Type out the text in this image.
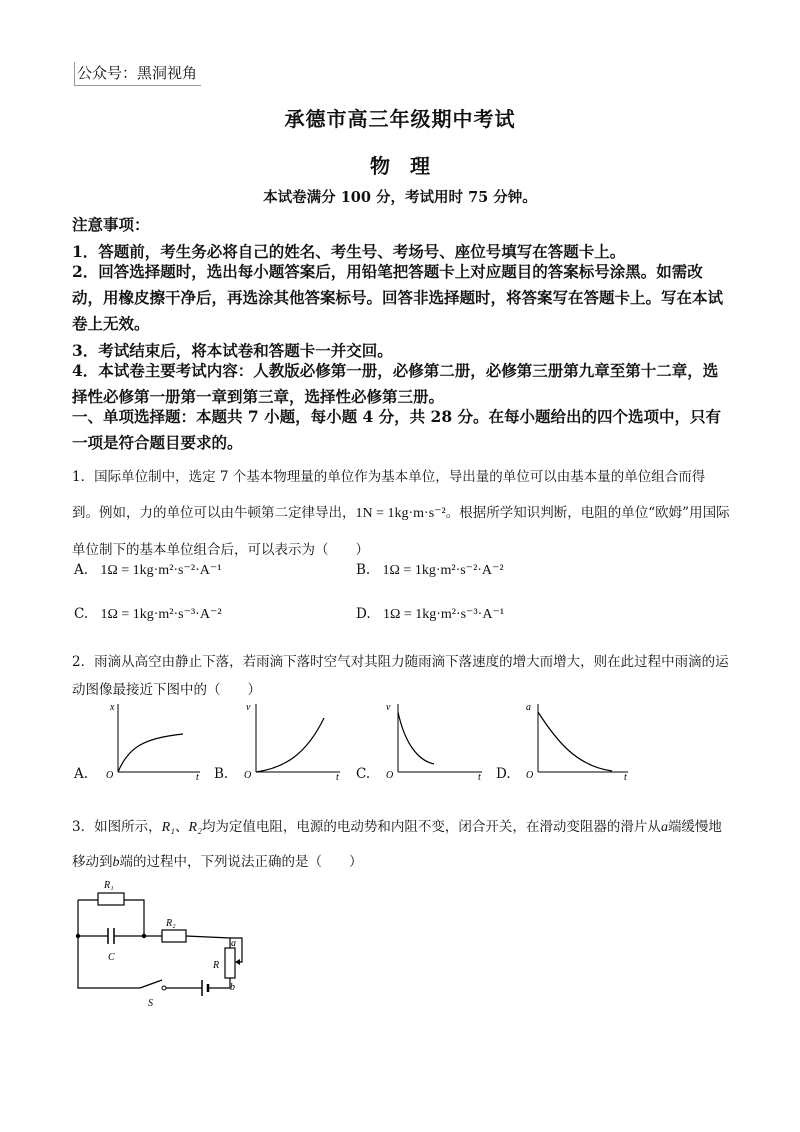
公众号：黑洞视角
承德市高三年级期中考试
物　理
本试卷满分 100 分，考试用时 75 分钟。
注意事项：
1．答题前，考生务必将自己的姓名、考生号、考场号、座位号填写在答题卡上。
2．回答选择题时，选出每小题答案后，用铅笔把答题卡上对应题目的答案标号涂黑。如需改动，用橡皮擦干净后，再选涂其他答案标号。回答非选择题时，将答案写在答题卡上。写在本试卷上无效。
3．考试结束后，将本试卷和答题卡一并交回。
4．本试卷主要考试内容：人教版必修第一册，必修第二册，必修第三册第九章至第十二章，选择性必修第一册第一章到第三章，选择性必修第三册。
一、单项选择题：本题共 7 小题，每小题 4 分，共 28 分。在每小题给出的四个选项中，只有一项是符合题目要求的。
1．国际单位制中，选定 7 个基本物理量的单位作为基本单位，导出量的单位可以由基本量的单位组合而得到。例如，力的单位可以由牛顿第二定律导出，1N = 1kg·m·s⁻²。根据所学知识判断，电阻的单位“欧姆”用国际单位制下的基本单位组合后，可以表示为（　　）
A. 1Ω = 1kg·m²·s⁻²·A⁻¹	B. 1Ω = 1kg·m²·s⁻²·A⁻²
C. 1Ω = 1kg·m²·s⁻³·A⁻²	D. 1Ω = 1kg·m²·s⁻³·A⁻¹
2．雨滴从高空由静止下落，若雨滴下落时空气对其阻力随雨滴下落速度的增大而增大，则在此过程中雨滴的运动图像最接近下图中的（　　）
A.
x
O	t B.
v
O	t C.
v
O	t D.
a
O	t
3．如图所示，R₁、R₂均为定值电阻，电源的电动势和内阻不变，闭合开关，在滑动变阻器的滑片从a端缓慢地移动到b端的过程中，下列说法正确的是（　　）
R₁
C
R₂
R
a
b
S
